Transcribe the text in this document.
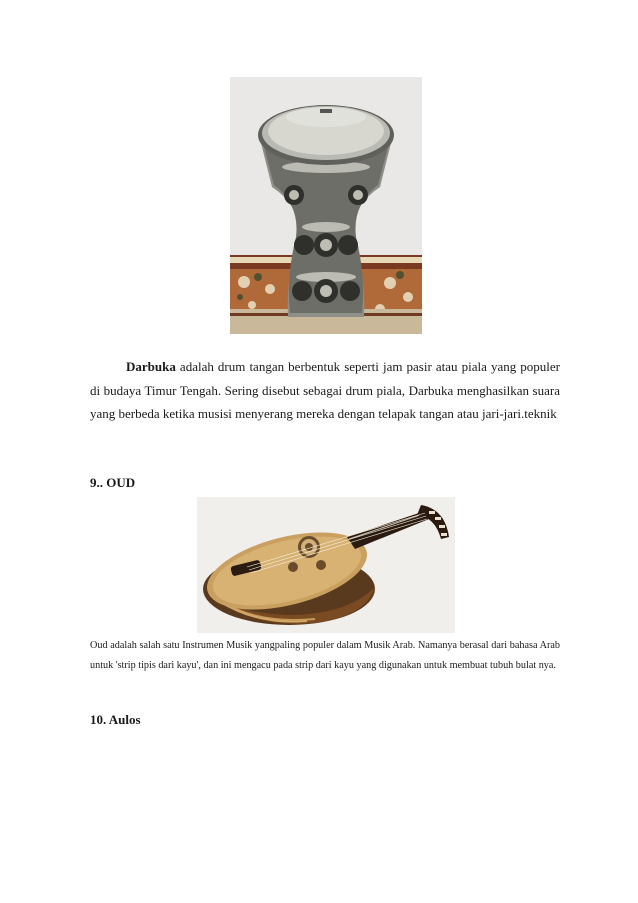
Darbuka adalah drum tangan berbentuk seperti jam pasir atau piala yang populer di budaya Timur Tengah. Sering disebut sebagai drum piala, Darbuka menghasilkan suara yang berbeda ketika musisi menyerang mereka dengan telapak tangan atau jari-jari.teknik

9.. OUD

Oud adalah salah satu Instrumen Musik yangpaling populer dalam Musik Arab. Namanya berasal dari bahasa Arab untuk 'strip tipis dari kayu', dan ini mengacu pada strip dari kayu yang digunakan untuk membuat tubuh bulat nya.

10. Aulos
